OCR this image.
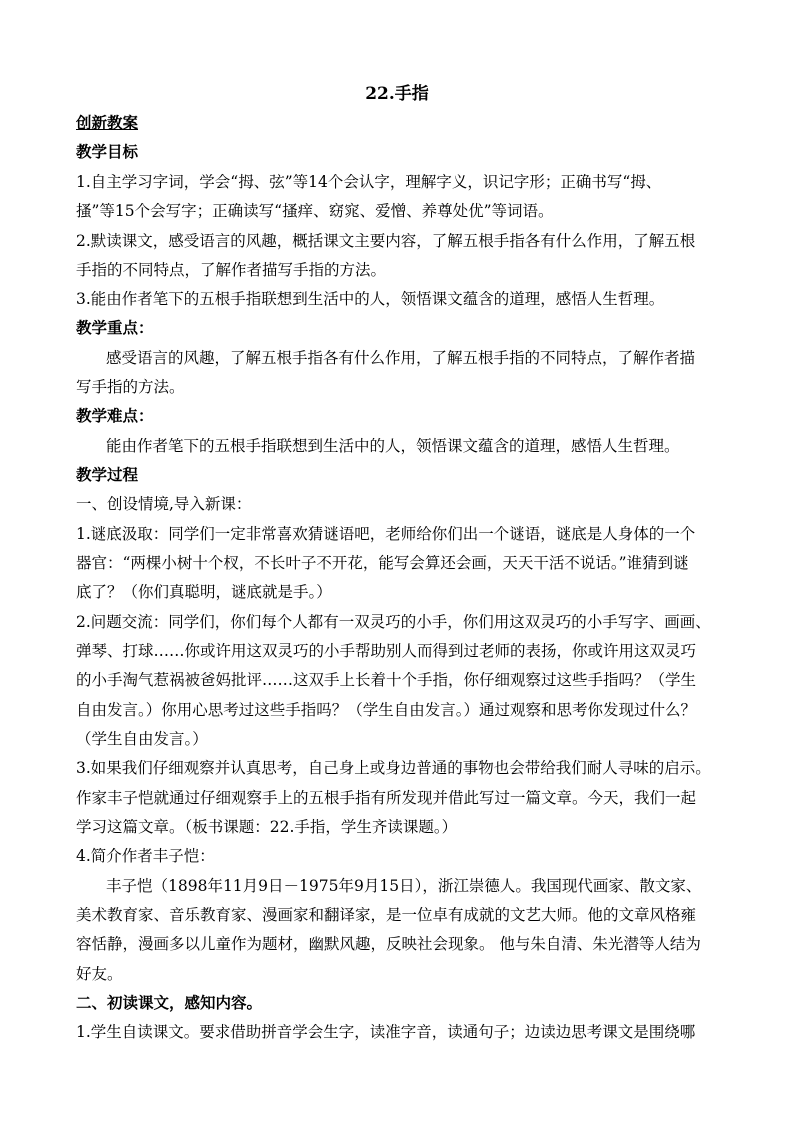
22.手指
创新教案
教学目标
1.自主学习字词，学会“拇、弦”等14个会认字，理解字义，识记字形；正确书写“拇、
搔”等15个会写字；正确读写“搔痒、窈窕、爱憎、养尊处优”等词语。
2.默读课文，感受语言的风趣，概括课文主要内容，了解五根手指各有什么作用，了解五根
手指的不同特点，了解作者描写手指的方法。
3.能由作者笔下的五根手指联想到生活中的人，领悟课文蕴含的道理，感悟人生哲理。
教学重点：
感受语言的风趣，了解五根手指各有什么作用，了解五根手指的不同特点，了解作者描
写手指的方法。
教学难点：
能由作者笔下的五根手指联想到生活中的人，领悟课文蕴含的道理，感悟人生哲理。
教学过程
一、创设情境,导入新课：
1.谜底汲取：同学们一定非常喜欢猜谜语吧，老师给你们出一个谜语，谜底是人身体的一个
器官：“两棵小树十个杈，不长叶子不开花，能写会算还会画，天天干活不说话。”谁猜到谜
底了？（你们真聪明，谜底就是手。）
2.问题交流：同学们，你们每个人都有一双灵巧的小手，你们用这双灵巧的小手写字、画画、
弹琴、打球……你或许用这双灵巧的小手帮助别人而得到过老师的表扬，你或许用这双灵巧
的小手淘气惹祸被爸妈批评……这双手上长着十个手指，你仔细观察过这些手指吗？（学生
自由发言。）你用心思考过这些手指吗？（学生自由发言。）通过观察和思考你发现过什么？
（学生自由发言。）
3.如果我们仔细观察并认真思考，自己身上或身边普通的事物也会带给我们耐人寻味的启示。
作家丰子恺就通过仔细观察手上的五根手指有所发现并借此写过一篇文章。今天，我们一起
学习这篇文章。（板书课题：22.手指，学生齐读课题。）
4.简介作者丰子恺：
丰子恺（1898年11月9日－1975年9月15日），浙江崇德人。我国现代画家、散文家、
美术教育家、音乐教育家、漫画家和翻译家，是一位卓有成就的文艺大师。他的文章风格雍
容恬静，漫画多以儿童作为题材，幽默风趣，反映社会现象。 他与朱自清、朱光潜等人结为
好友。
二、初读课文，感知内容。
1.学生自读课文。要求借助拼音学会生字，读准字音，读通句子；边读边思考课文是围绕哪
